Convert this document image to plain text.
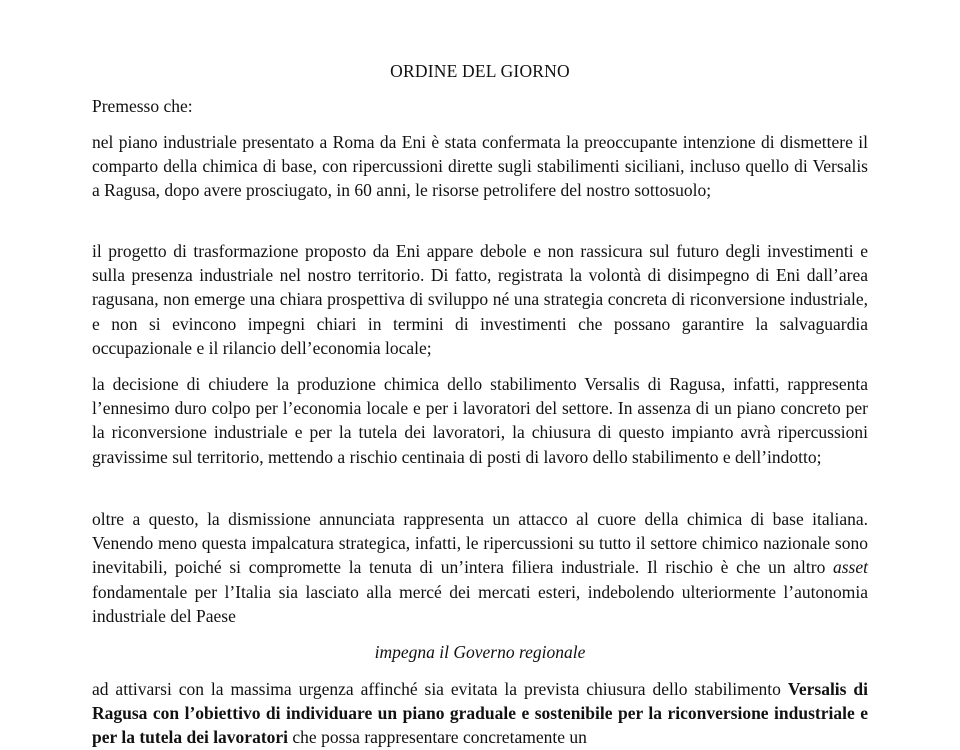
ORDINE DEL GIORNO
Premesso che:
nel piano industriale presentato a Roma da Eni è stata confermata la preoccupante intenzione di dismettere il comparto della chimica di base, con ripercussioni dirette sugli stabilimenti siciliani, incluso quello di Versalis a Ragusa, dopo avere prosciugato, in 60 anni, le risorse petrolifere del nostro sottosuolo;
il progetto di trasformazione proposto da Eni appare debole e non rassicura sul futuro degli investimenti e sulla presenza industriale nel nostro territorio. Di fatto, registrata la volontà di disimpegno di Eni dall’area ragusana, non emerge una chiara prospettiva di sviluppo né una strategia concreta di riconversione industriale, e non si evincono impegni chiari in termini di investimenti che possano garantire la salvaguardia occupazionale e il rilancio dell’economia locale;
la decisione di chiudere la produzione chimica dello stabilimento Versalis di Ragusa, infatti, rappresenta l’ennesimo duro colpo per l’economia locale e per i lavoratori del settore. In assenza di un piano concreto per la riconversione industriale e per la tutela dei lavoratori, la chiusura di questo impianto avrà ripercussioni gravissime sul territorio, mettendo a rischio centinaia di posti di lavoro dello stabilimento e dell’indotto;
oltre a questo, la dismissione annunciata rappresenta un attacco al cuore della chimica di base italiana. Venendo meno questa impalcatura strategica, infatti, le ripercussioni su tutto il settore chimico nazionale sono inevitabili, poiché si compromette la tenuta di un’intera filiera industriale. Il rischio è che un altro asset fondamentale per l’Italia sia lasciato alla mercé dei mercati esteri, indebolendo ulteriormente l’autonomia industriale del Paese
impegna il Governo regionale
ad attivarsi con la massima urgenza affinché sia evitata la prevista chiusura dello stabilimento Versalis di Ragusa con l’obiettivo di individuare un piano graduale e sostenibile per la riconversione industriale e per la tutela dei lavoratori che possa rappresentare concretamente un
